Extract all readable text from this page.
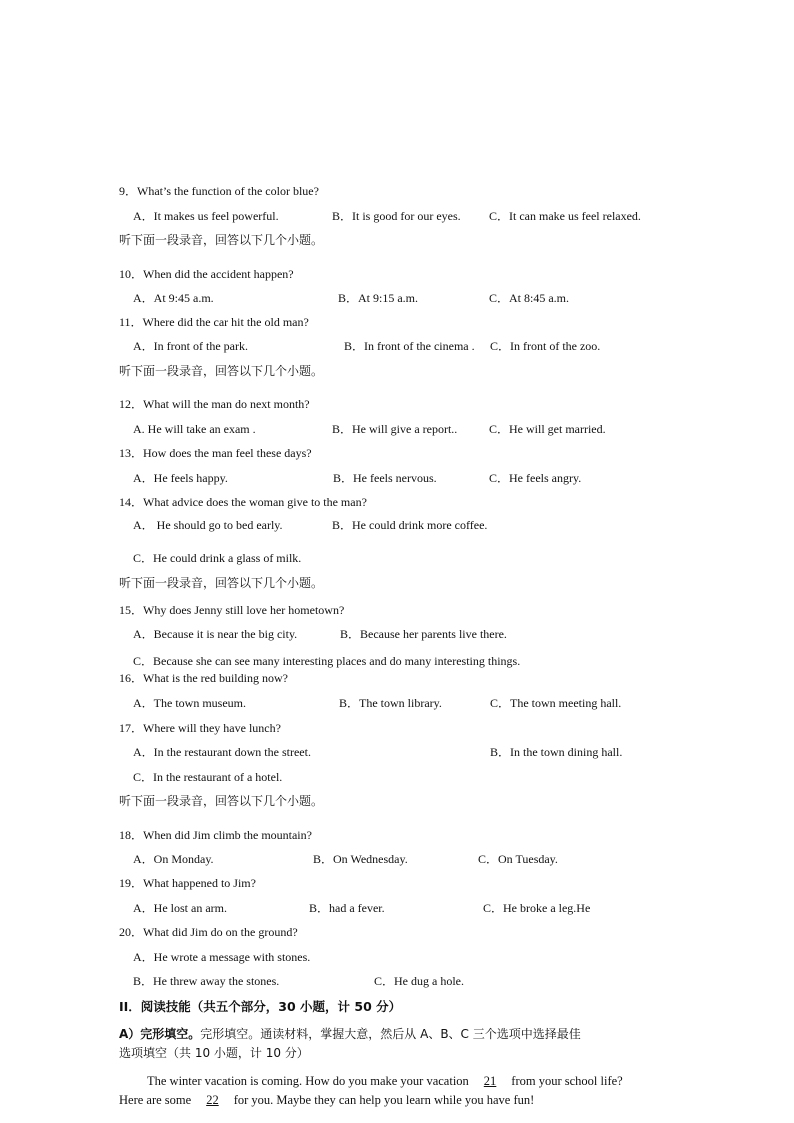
9．What’s the function of the color blue?
A．It makes us feel powerful.	B．It is good for our eyes. C．It can make us feel relaxed.
听下面一段录音，回答以下几个小题。
10．When did the accident happen?
A．At 9:45 a.m.	B．At 9:15 a.m.	C．At 8:45 a.m.
11．Where did the car hit the old man?
A．In front of the park.	B．In front of the cinema . C．In front of the zoo.
听下面一段录音，回答以下几个小题。
12．What will the man do next month?
A. He will take an exam .	B．He will give a report..	C．He will get married.
13．How does the man feel these days?
A．He feels happy.	B．He feels nervous.	C．He feels angry.
14．What advice does the woman give to the man?
A． He should go to bed early.	B．He could drink more coffee.
C．He could drink a glass of milk.
听下面一段录音，回答以下几个小题。
15．Why does Jenny still love her hometown?
A．Because it is near the big city.	B．Because her parents live there.
C．Because she can see many interesting places and do many interesting things.
16．What is the red building now?
A．The town museum.	B．The town library.	C．The town meeting hall.
17．Where will they have lunch?
A．In the restaurant down the street.	B．In the town dining hall.
C．In the restaurant of a hotel.
听下面一段录音，回答以下几个小题。
18．When did Jim climb the mountain?
A．On Monday.	B．On Wednesday.	C．On Tuesday.
19．What happened to Jim?
A．He lost an arm.	B．had a fever.	C．He broke a leg.He
20．What did Jim do on the ground?
A．He wrote a message with stones.
B．He threw away the stones.	C．He dug a hole.
II．阅读技能（共五个部分，30 小题，计 50 分）
A）完形填空。完形填空。通读材料，掌握大意，然后从 A、B、C 三个选项中选择最佳
选项填空（共 10 小题，计 10 分）
The winter vacation is coming. How do you make your vacation 21 from your school life?
Here are some 22 for you. Maybe they can help you learn while you have fun!
